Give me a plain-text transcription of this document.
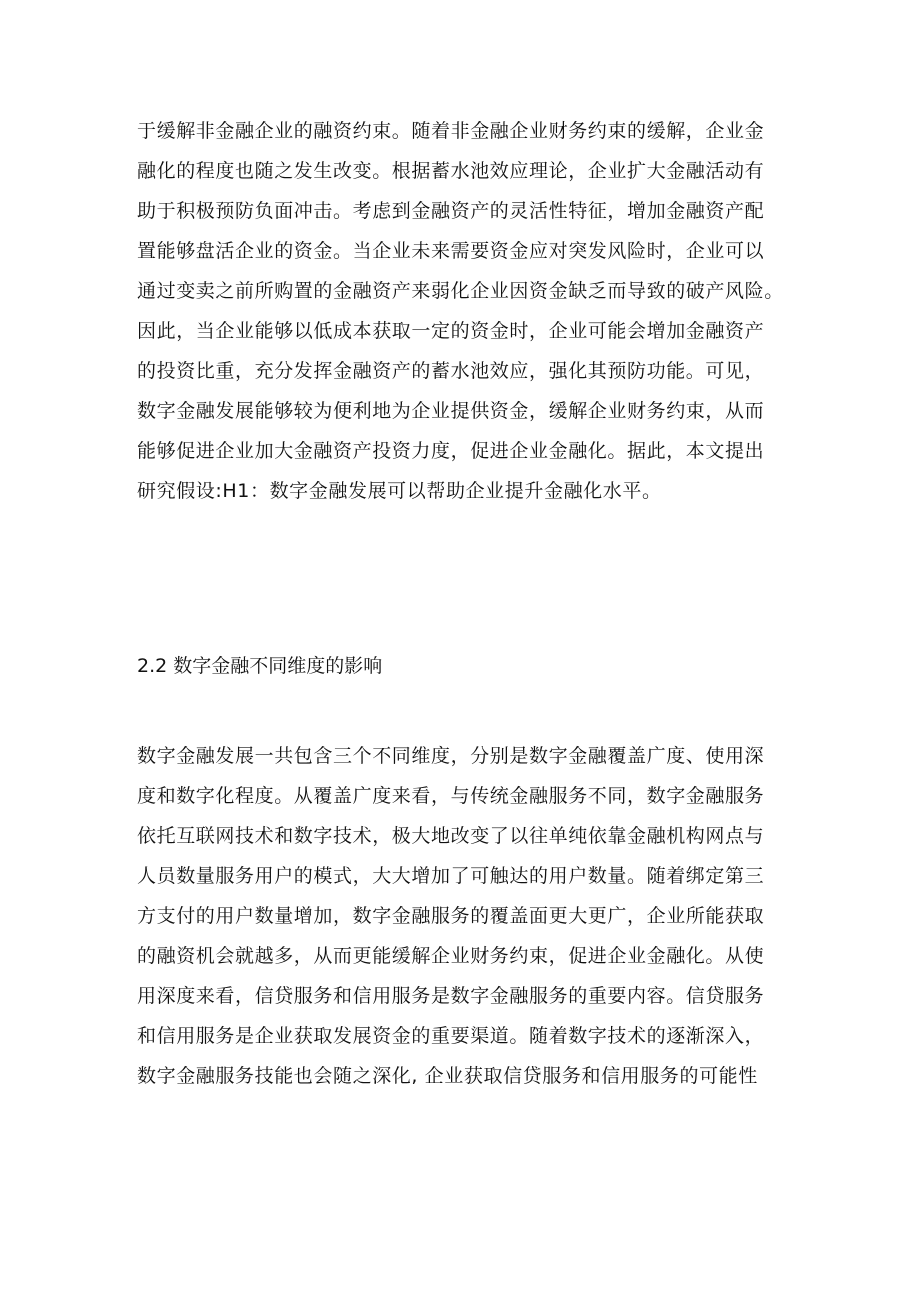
于缓解非金融企业的融资约束。随着非金融企业财务约束的缓解，企业金
融化的程度也随之发生改变。根据蓄水池效应理论，企业扩大金融活动有
助于积极预防负面冲击。考虑到金融资产的灵活性特征，增加金融资产配
置能够盘活企业的资金。当企业未来需要资金应对突发风险时，企业可以
通过变卖之前所购置的金融资产来弱化企业因资金缺乏而导致的破产风险。
因此，当企业能够以低成本获取一定的资金时，企业可能会增加金融资产
的投资比重，充分发挥金融资产的蓄水池效应，强化其预防功能。可见，
数字金融发展能够较为便利地为企业提供资金，缓解企业财务约束，从而
能够促进企业加大金融资产投资力度，促进企业金融化。据此，本文提出
研究假设:H1：数字金融发展可以帮助企业提升金融化水平。
2.2 数字金融不同维度的影响
数字金融发展一共包含三个不同维度，分别是数字金融覆盖广度、使用深
度和数字化程度。从覆盖广度来看，与传统金融服务不同，数字金融服务
依托互联网技术和数字技术，极大地改变了以往单纯依靠金融机构网点与
人员数量服务用户的模式，大大增加了可触达的用户数量。随着绑定第三
方支付的用户数量增加，数字金融服务的覆盖面更大更广，企业所能获取
的融资机会就越多，从而更能缓解企业财务约束，促进企业金融化。从使
用深度来看，信贷服务和信用服务是数字金融服务的重要内容。信贷服务
和信用服务是企业获取发展资金的重要渠道。随着数字技术的逐渐深入，
数字金融服务技能也会随之深化, 企业获取信贷服务和信用服务的可能性
